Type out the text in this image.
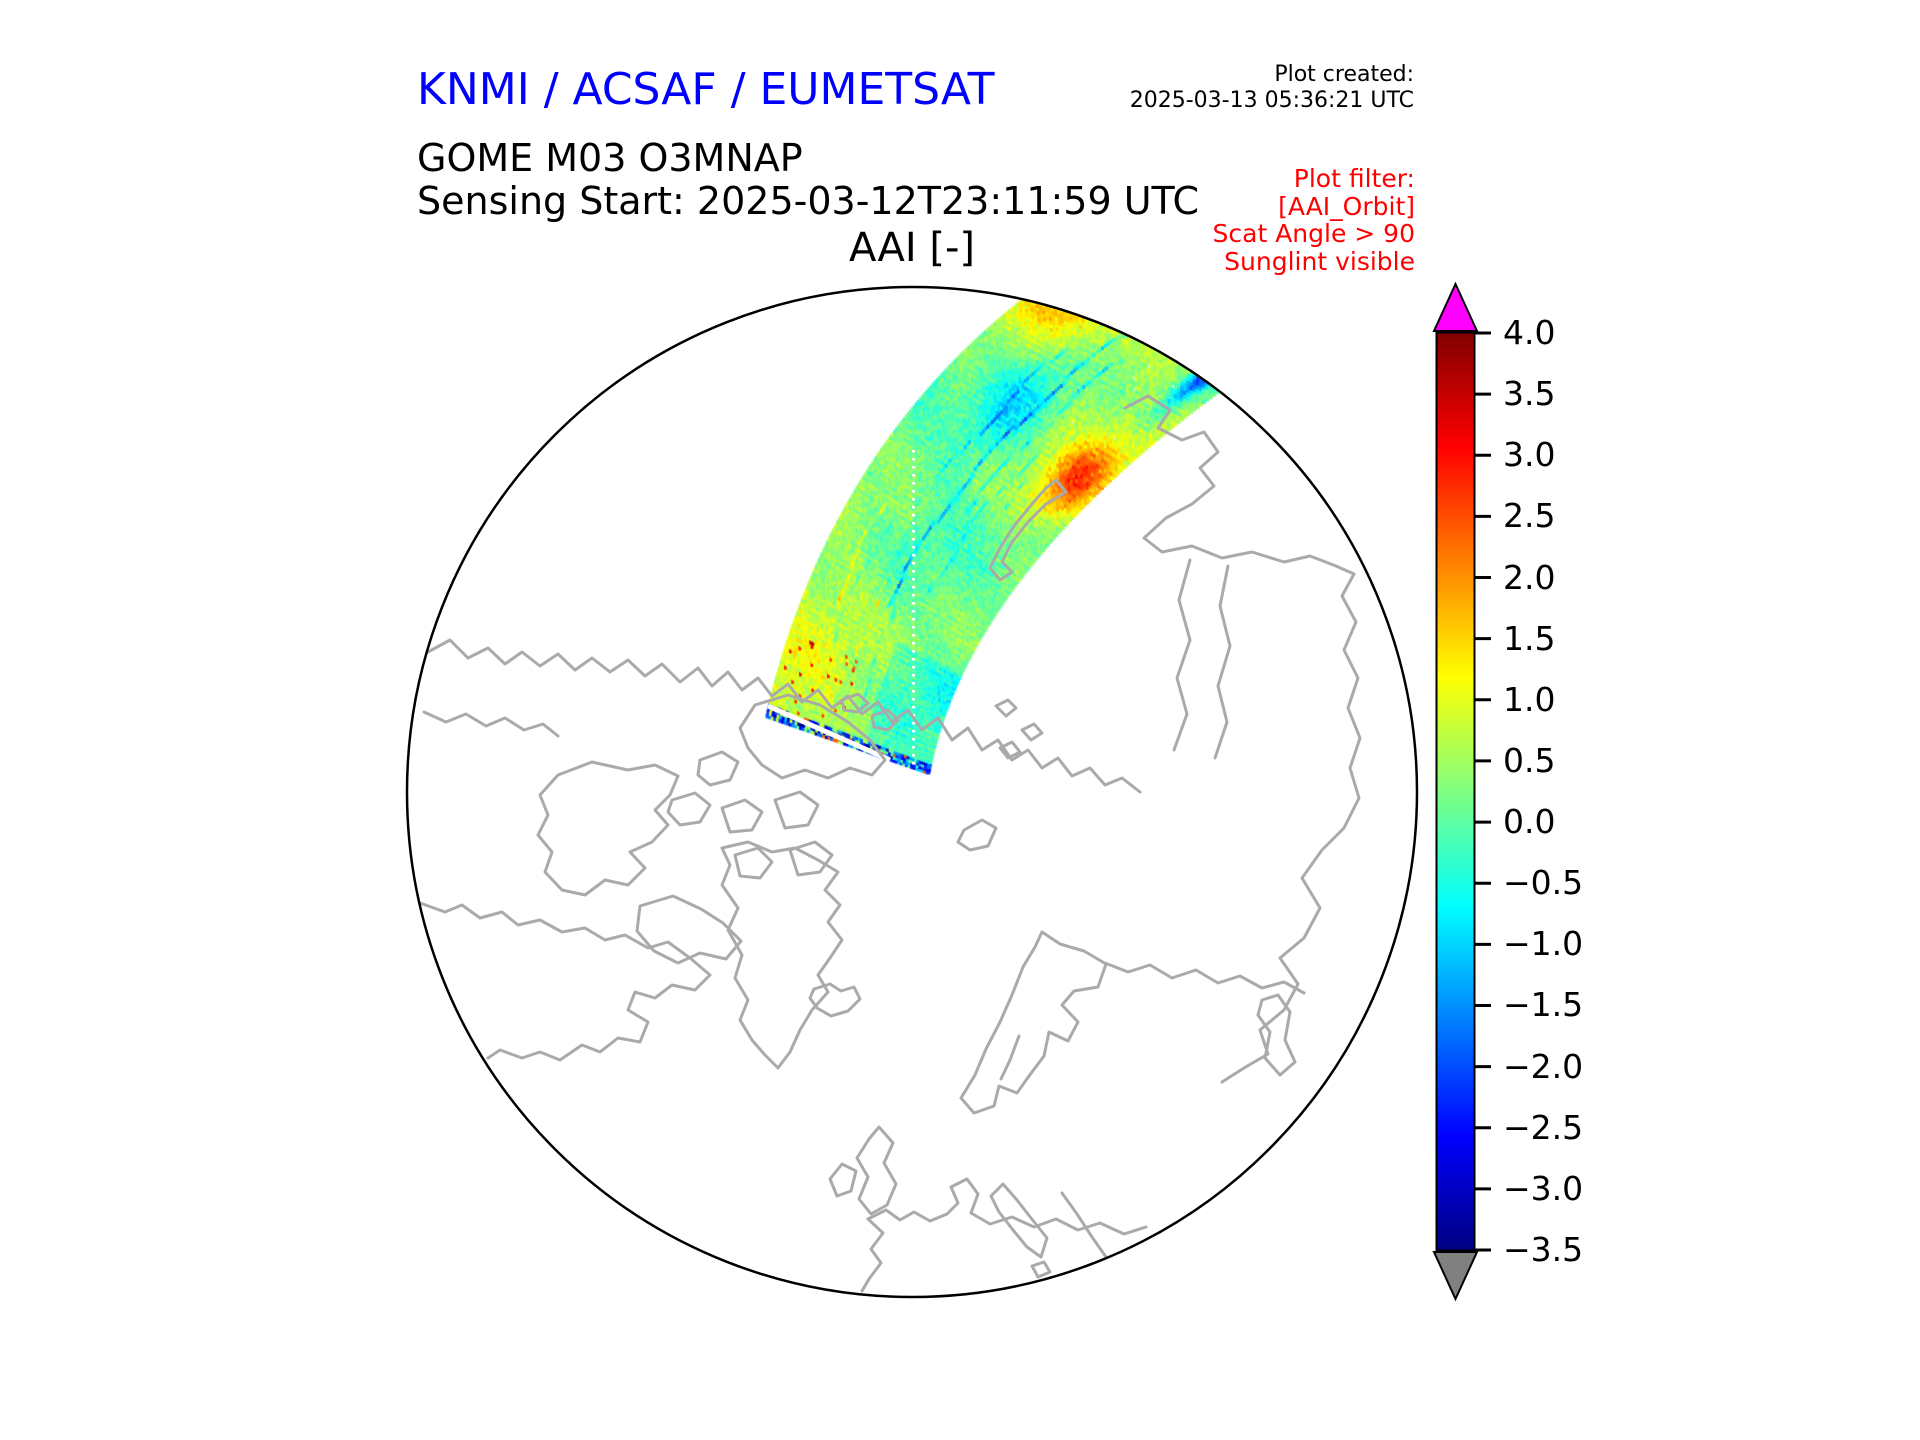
KNMI / ACSAF / EUMETSAT	Plot created:
2025-03-13 05:36:21 UTC
GOME M03 O3MNAP
Sensing Start: 2025-03-12T23:11:59 UTC
AAI [-]
Plot filter:
[AAI_Orbit]
Scat Angle > 90
Sunglint visible
4.0
3.5
3.0
2.5
2.0
1.5
1.0
0.5
0.0
−0.5
−1.0
−1.5
−2.0
−2.5
−3.0
−3.5
